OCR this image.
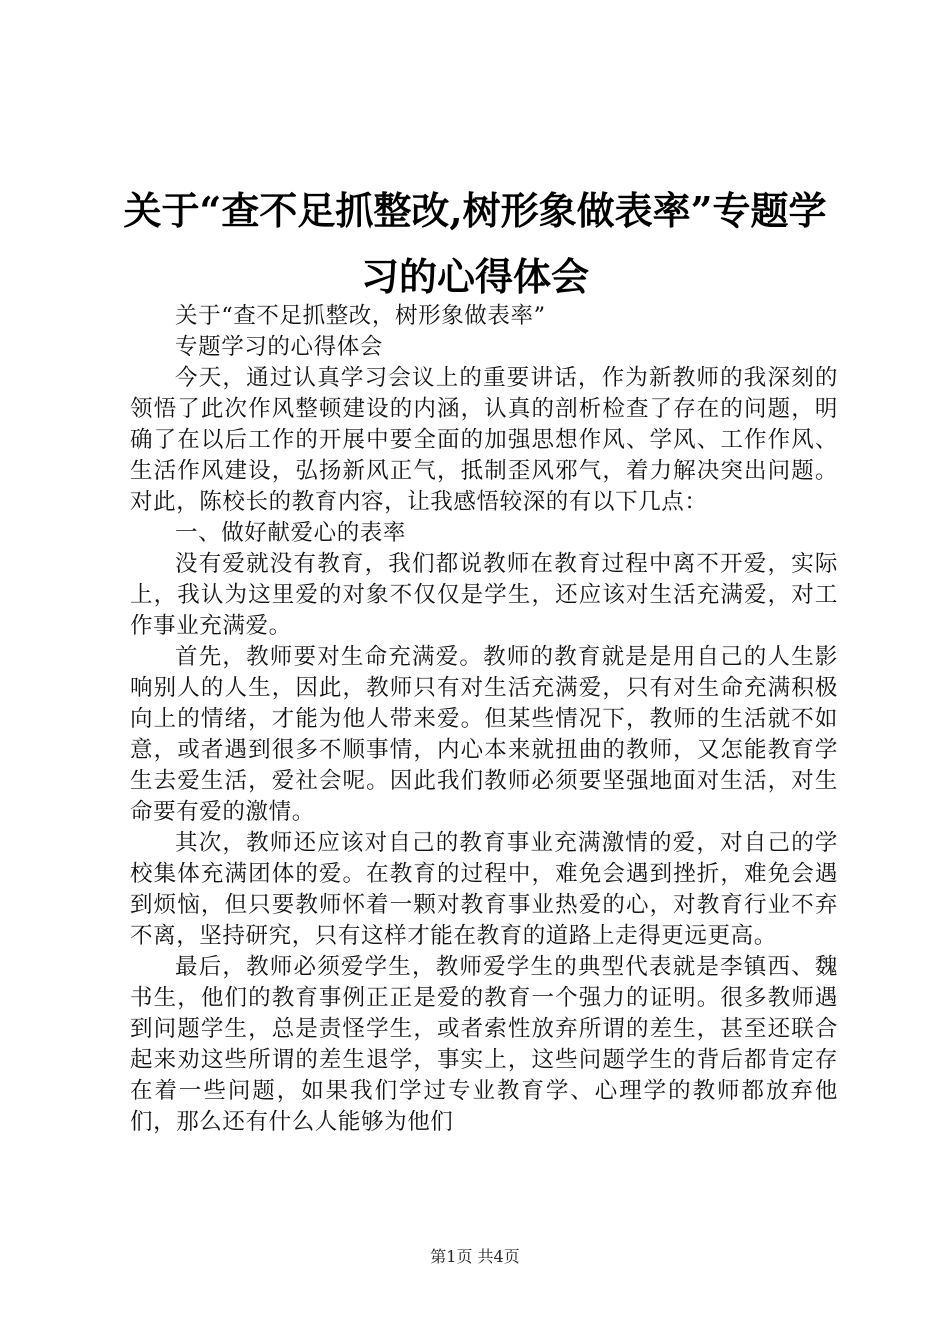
关于“查不足抓整改,树形象做表率”专题学习的心得体会

关于“查不足抓整改，树形象做表率”

专题学习的心得体会

今天，通过认真学习会议上的重要讲话，作为新教师的我深刻的领悟了此次作风整顿建设的内涵，认真的剖析检查了存在的问题，明确了在以后工作的开展中要全面的加强思想作风、学风、工作作风、生活作风建设，弘扬新风正气，抵制歪风邪气，着力解决突出问题。对此，陈校长的教育内容，让我感悟较深的有以下几点：

一、做好献爱心的表率

没有爱就没有教育，我们都说教师在教育过程中离不开爱，实际上，我认为这里爱的对象不仅仅是学生，还应该对生活充满爱，对工作事业充满爱。

首先，教师要对生命充满爱。教师的教育就是是用自己的人生影响别人的人生，因此，教师只有对生活充满爱，只有对生命充满积极向上的情绪，才能为他人带来爱。但某些情况下，教师的生活就不如意，或者遇到很多不顺事情，内心本来就扭曲的教师，又怎能教育学生去爱生活，爱社会呢。因此我们教师必须要坚强地面对生活，对生命要有爱的激情。

其次，教师还应该对自己的教育事业充满激情的爱，对自己的学校集体充满团体的爱。在教育的过程中，难免会遇到挫折，难免会遇到烦恼，但只要教师怀着一颗对教育事业热爱的心，对教育行业不弃不离，坚持研究，只有这样才能在教育的道路上走得更远更高。

最后，教师必须爱学生，教师爱学生的典型代表就是李镇西、魏书生，他们的教育事例正正是爱的教育一个强力的证明。很多教师遇到问题学生，总是责怪学生，或者索性放弃所谓的差生，甚至还联合起来劝这些所谓的差生退学，事实上，这些问题学生的背后都肯定存在着一些问题，如果我们学过专业教育学、心理学的教师都放弃他们，那么还有什么人能够为他们

第1页 共4页
